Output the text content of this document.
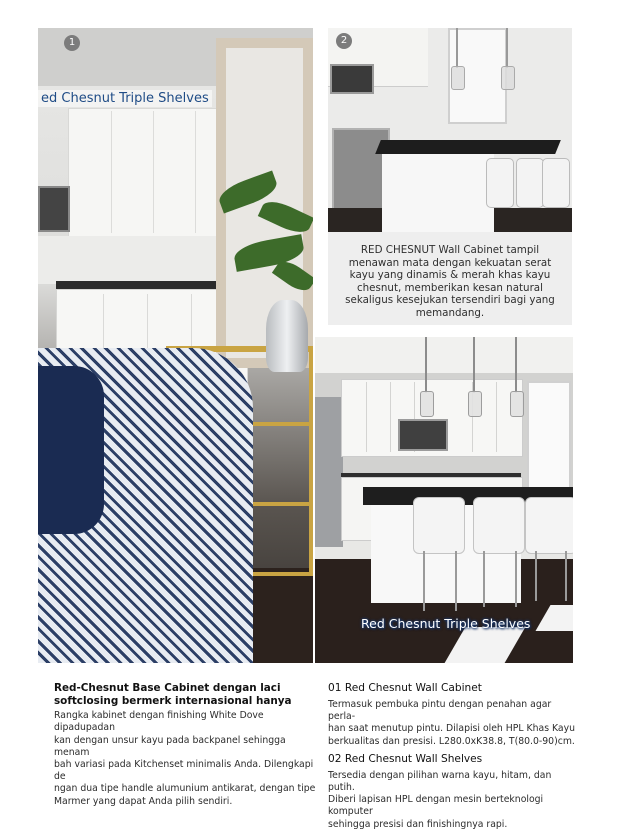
1
ed Chesnut Triple Shelves
2

RED CHESNUT Wall Cabinet tampil menawan mata dengan kekuatan serat kayu yang dinamis & merah khas kayu chesnut, memberikan kesan natural sekaligus kesejukan tersendiri bagi yang memandang.

Red Chesnut Triple Shelves

Red-Chesnut Base Cabinet dengan laci softclosing bermerk internasional hanya

Rangka kabinet dengan finishing White Dove dipadupadan
kan dengan unsur kayu pada backpanel sehingga menam
bah variasi pada Kitchenset minimalis Anda. Dilengkapi de
ngan dua tipe handle alumunium antikarat, dengan tipe
Marmer yang dapat Anda pilih sendiri.

01 Red Chesnut Wall Cabinet

Termasuk pembuka pintu dengan penahan agar perla-
han saat menutup pintu. Dilapisi oleh HPL Khas Kayu
berkualitas dan presisi. L280.0xK38.8, T(80.0-90)cm.

02 Red Chesnut Wall Shelves

Tersedia dengan pilihan warna kayu, hitam, dan putih.
Diberi lapisan HPL dengan mesin berteknologi komputer
sehingga presisi dan finishingnya rapi.
